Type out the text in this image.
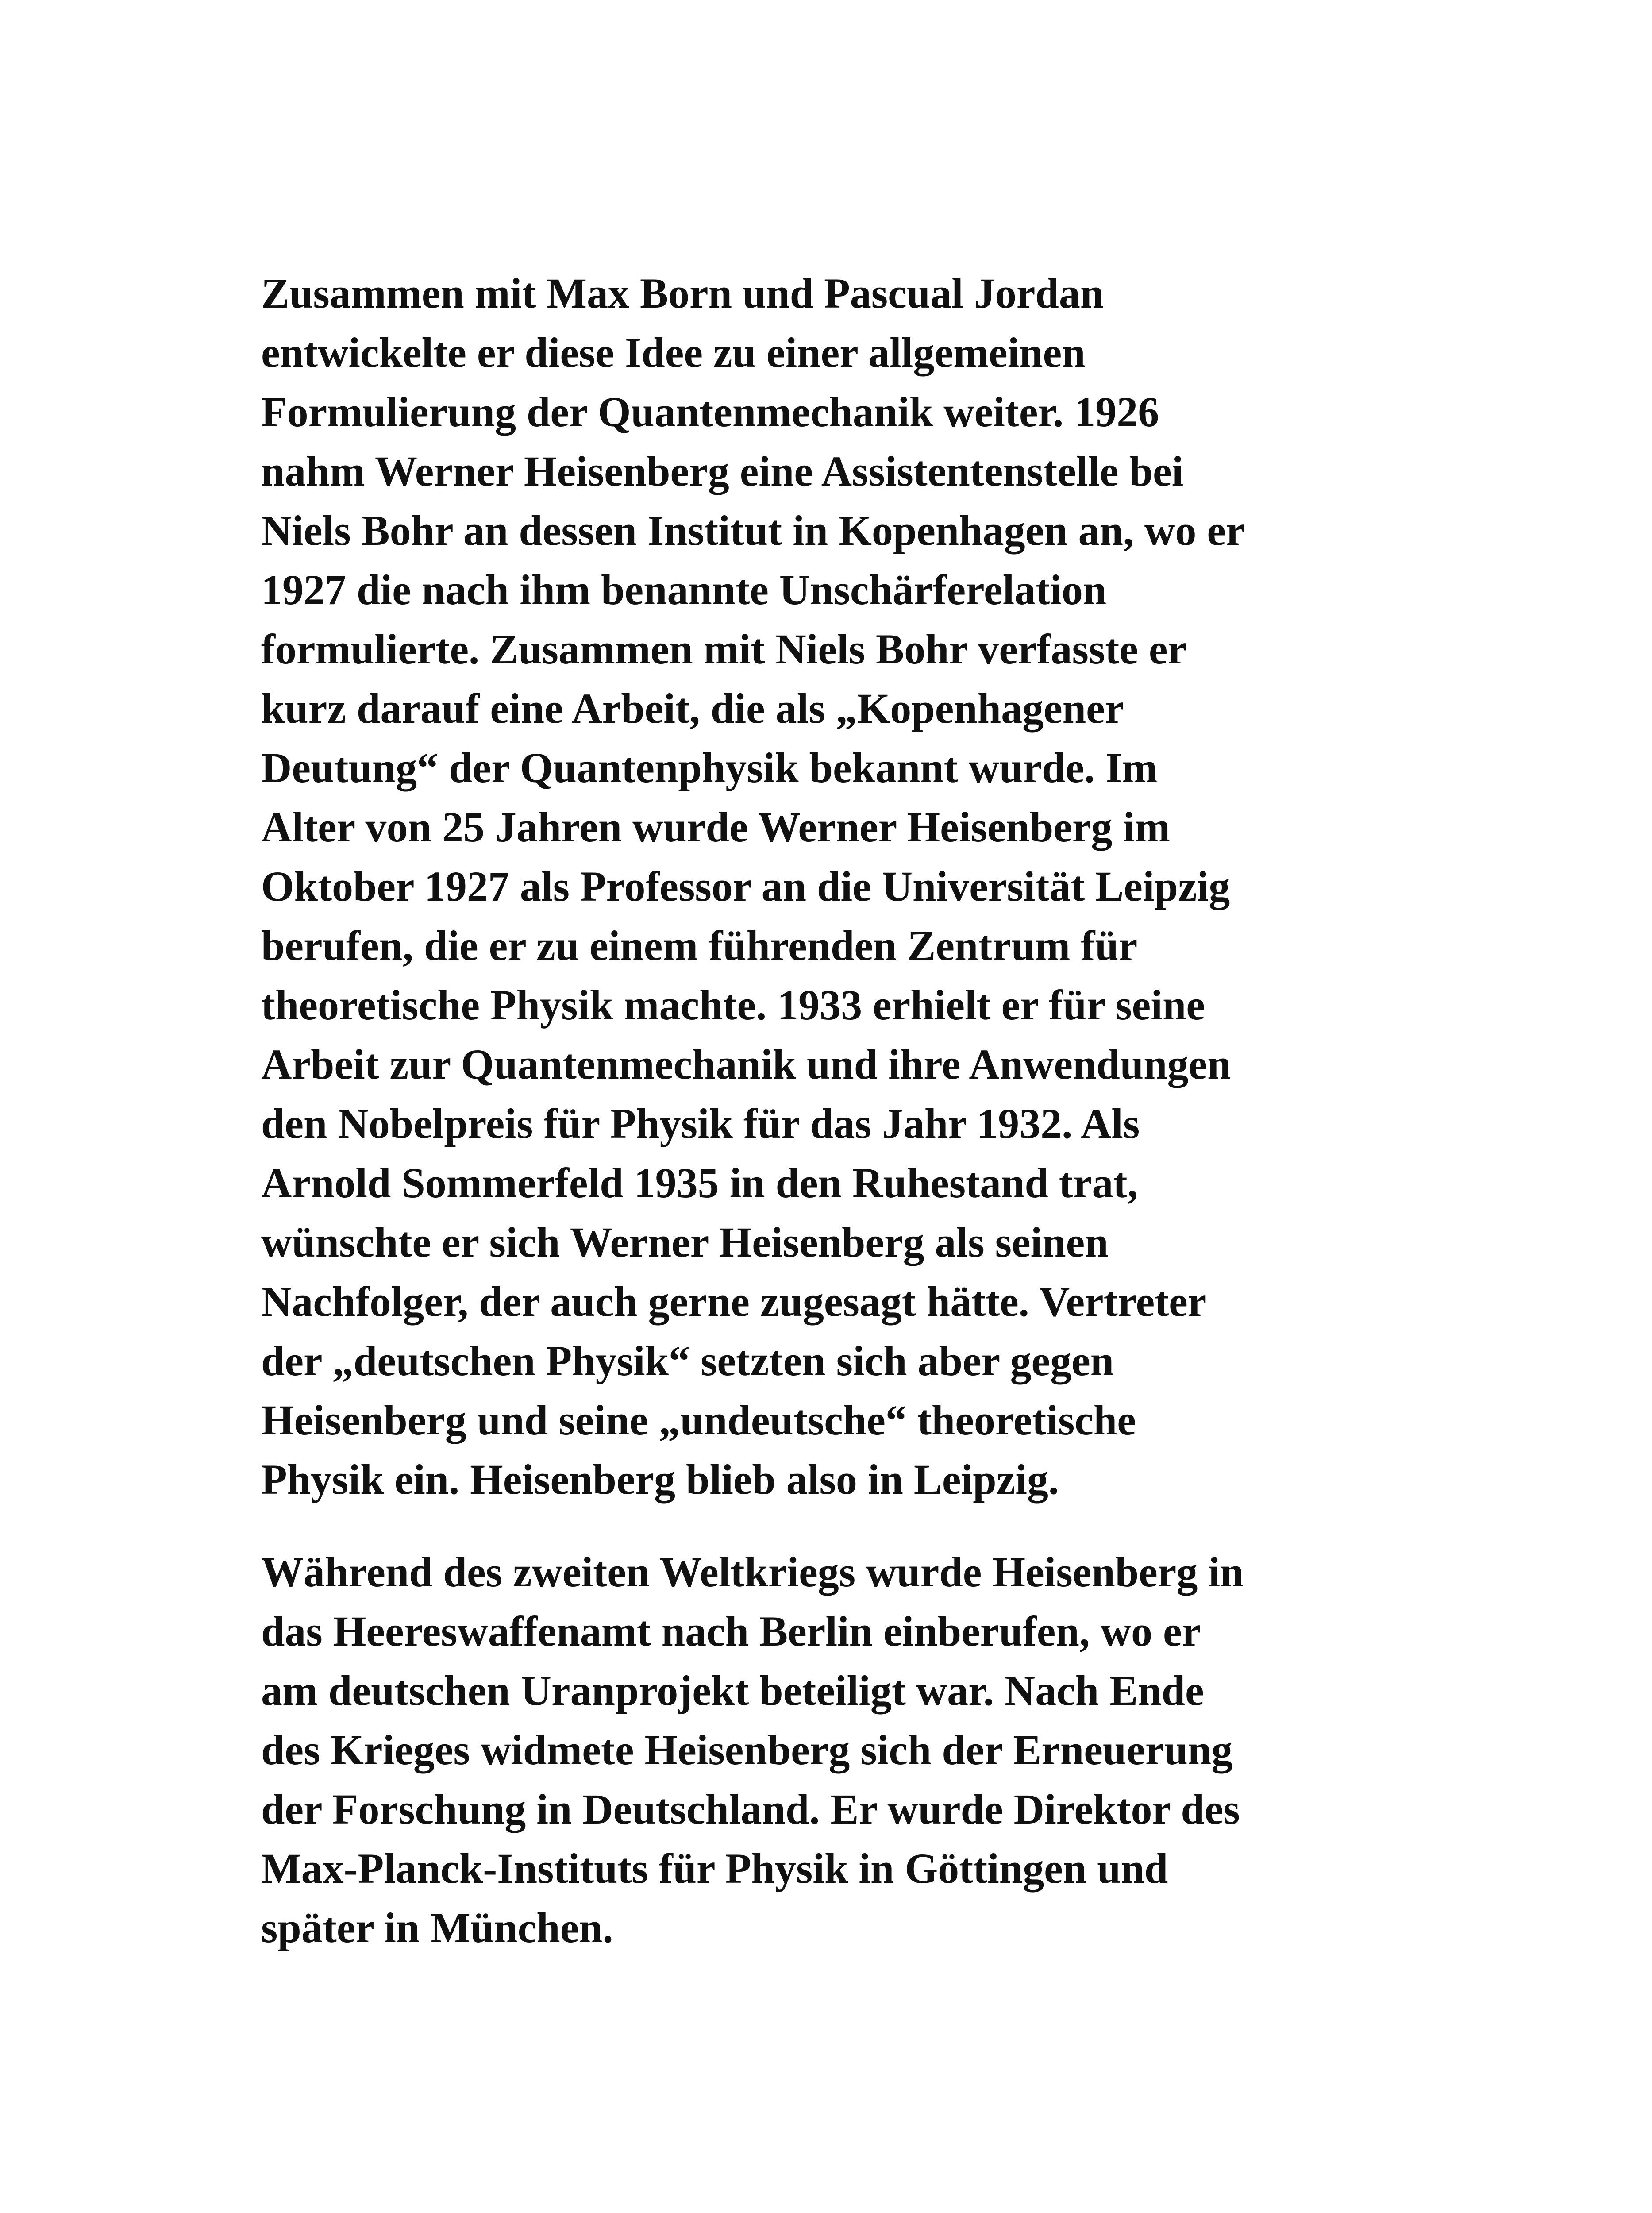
Zusammen mit Max Born und Pascual Jordan
entwickelte er diese Idee zu einer allgemeinen
Formulierung der Quantenmechanik weiter. 1926
nahm Werner Heisenberg eine Assistentenstelle bei
Niels Bohr an dessen Institut in Kopenhagen an, wo er
1927 die nach ihm benannte Unschärferelation
formulierte. Zusammen mit Niels Bohr verfasste er
kurz darauf eine Arbeit, die als „Kopenhagener
Deutung“ der Quantenphysik bekannt wurde. Im
Alter von 25 Jahren wurde Werner Heisenberg im
Oktober 1927 als Professor an die Universität Leipzig
berufen, die er zu einem führenden Zentrum für
theoretische Physik machte. 1933 erhielt er für seine
Arbeit zur Quantenmechanik und ihre Anwendungen
den Nobelpreis für Physik für das Jahr 1932. Als
Arnold Sommerfeld 1935 in den Ruhestand trat,
wünschte er sich Werner Heisenberg als seinen
Nachfolger, der auch gerne zugesagt hätte. Vertreter
der „deutschen Physik“ setzten sich aber gegen
Heisenberg und seine „undeutsche“ theoretische
Physik ein. Heisenberg blieb also in Leipzig.
Während des zweiten Weltkriegs wurde Heisenberg in
das Heereswaffenamt nach Berlin einberufen, wo er
am deutschen Uranprojekt beteiligt war. Nach Ende
des Krieges widmete Heisenberg sich der Erneuerung
der Forschung in Deutschland. Er wurde Direktor des
Max-Planck-Instituts für Physik in Göttingen und
später in München.
